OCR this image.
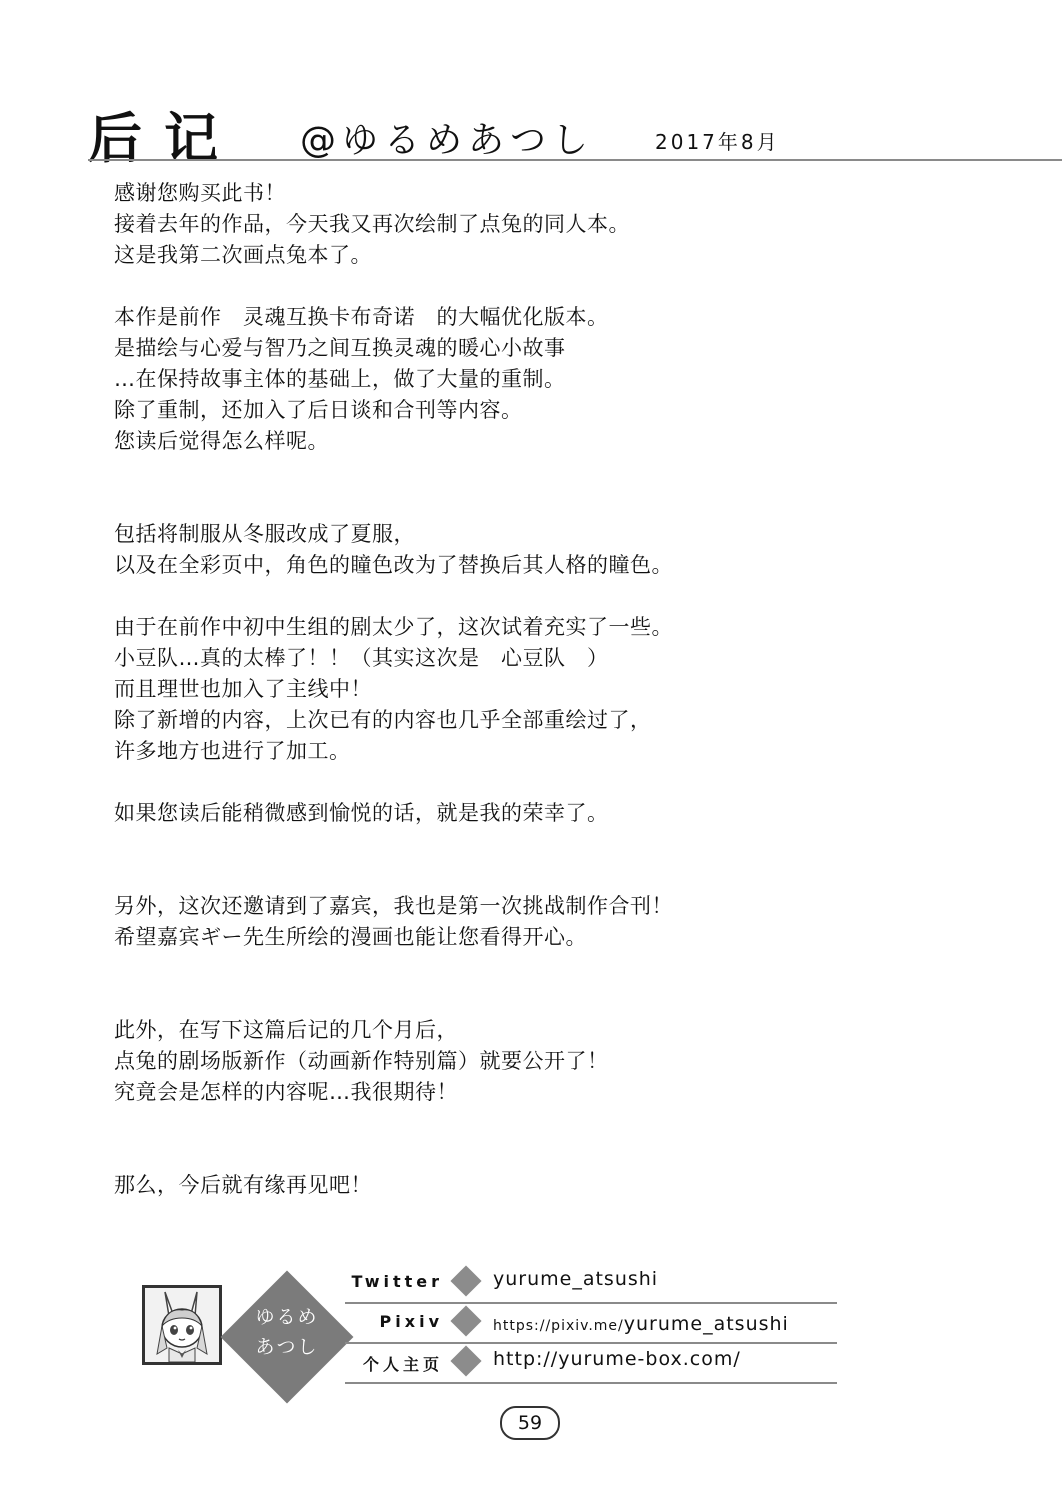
后记 @ゆるめあつし	2017年8月
感谢您购买此书！
接着去年的作品，今天我又再次绘制了点兔的同人本。
这是我第二次画点兔本了。
本作是前作　灵魂互换卡布奇诺　的大幅优化版本。
是描绘与心爱与智乃之间互换灵魂的暖心小故事
…在保持故事主体的基础上，做了大量的重制。
除了重制，还加入了后日谈和合刊等内容。
您读后觉得怎么样呢。
包括将制服从冬服改成了夏服，
以及在全彩页中，角色的瞳色改为了替换后其人格的瞳色。
由于在前作中初中生组的剧太少了，这次试着充实了一些。
小豆队…真的太棒了！！（其实这次是　心豆队　）
而且理世也加入了主线中！
除了新增的内容，上次已有的内容也几乎全部重绘过了，
许多地方也进行了加工。
如果您读后能稍微感到愉悦的话，就是我的荣幸了。
另外，这次还邀请到了嘉宾，我也是第一次挑战制作合刊！
希望嘉宾ギー先生所绘的漫画也能让您看得开心。
此外，在写下这篇后记的几个月后，
点兔的剧场版新作（动画新作特别篇）就要公开了！
究竟会是怎样的内容呢…我很期待！
那么，今后就有缘再见吧！
ゆるめ
あつし
Twitter	yurume_atsushi
Pixiv	https://pixiv.me/yurume_atsushi
个人主页	http://yurume-box.com/
59
